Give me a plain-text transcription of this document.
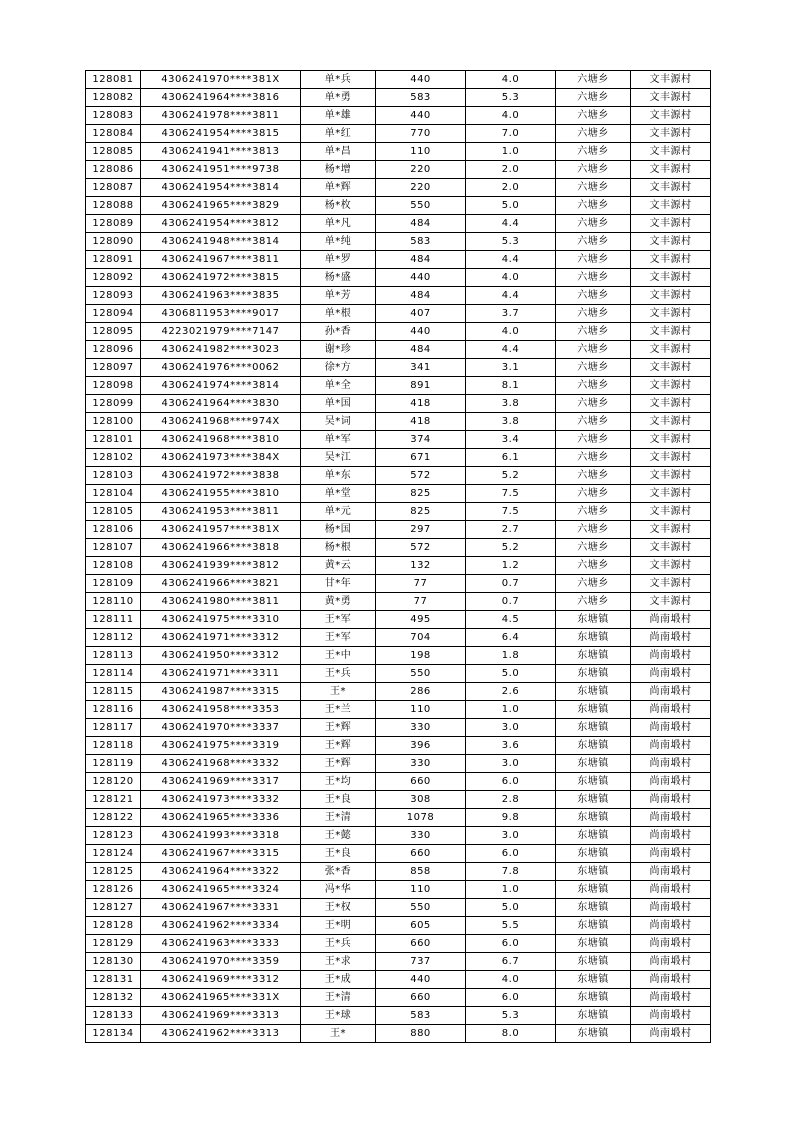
128081	4306241970****381X	单*兵	440	4.0	六塘乡	文丰源村
128082	4306241964****3816	单*勇	583	5.3	六塘乡	文丰源村
128083	4306241978****3811	单*雄	440	4.0	六塘乡	文丰源村
128084	4306241954****3815	单*红	770	7.0	六塘乡	文丰源村
128085	4306241941****3813	单*昌	110	1.0	六塘乡	文丰源村
128086	4306241951****9738	杨*增	220	2.0	六塘乡	文丰源村
128087	4306241954****3814	单*辉	220	2.0	六塘乡	文丰源村
128088	4306241965****3829	杨*枚	550	5.0	六塘乡	文丰源村
128089	4306241954****3812	单*凡	484	4.4	六塘乡	文丰源村
128090	4306241948****3814	单*纯	583	5.3	六塘乡	文丰源村
128091	4306241967****3811	单*罗	484	4.4	六塘乡	文丰源村
128092	4306241972****3815	杨*盛	440	4.0	六塘乡	文丰源村
128093	4306241963****3835	单*芳	484	4.4	六塘乡	文丰源村
128094	4306811953****9017	单*根	407	3.7	六塘乡	文丰源村
128095	4223021979****7147	孙*香	440	4.0	六塘乡	文丰源村
128096	4306241982****3023	谢*珍	484	4.4	六塘乡	文丰源村
128097	4306241976****0062	徐*方	341	3.1	六塘乡	文丰源村
128098	4306241974****3814	单*全	891	8.1	六塘乡	文丰源村
128099	4306241964****3830	单*国	418	3.8	六塘乡	文丰源村
128100	4306241968****974X	吴*词	418	3.8	六塘乡	文丰源村
128101	4306241968****3810	单*军	374	3.4	六塘乡	文丰源村
128102	4306241973****384X	吴*江	671	6.1	六塘乡	文丰源村
128103	4306241972****3838	单*东	572	5.2	六塘乡	文丰源村
128104	4306241955****3810	单*堂	825	7.5	六塘乡	文丰源村
128105	4306241953****3811	单*元	825	7.5	六塘乡	文丰源村
128106	4306241957****381X	杨*国	297	2.7	六塘乡	文丰源村
128107	4306241966****3818	杨*根	572	5.2	六塘乡	文丰源村
128108	4306241939****3812	黄*云	132	1.2	六塘乡	文丰源村
128109	4306241966****3821	甘*年	77	0.7	六塘乡	文丰源村
128110	4306241980****3811	黄*勇	77	0.7	六塘乡	文丰源村
128111	4306241975****3310	王*军	495	4.5	东塘镇	尚南塅村
128112	4306241971****3312	王*军	704	6.4	东塘镇	尚南塅村
128113	4306241950****3312	王*中	198	1.8	东塘镇	尚南塅村
128114	4306241971****3311	王*兵	550	5.0	东塘镇	尚南塅村
128115	4306241987****3315	王*	286	2.6	东塘镇	尚南塅村
128116	4306241958****3353	王*兰	110	1.0	东塘镇	尚南塅村
128117	4306241970****3337	王*辉	330	3.0	东塘镇	尚南塅村
128118	4306241975****3319	王*辉	396	3.6	东塘镇	尚南塅村
128119	4306241968****3332	王*辉	330	3.0	东塘镇	尚南塅村
128120	4306241969****3317	王*均	660	6.0	东塘镇	尚南塅村
128121	4306241973****3332	王*良	308	2.8	东塘镇	尚南塅村
128122	4306241965****3336	王*清	1078	9.8	东塘镇	尚南塅村
128123	4306241993****3318	王*懿	330	3.0	东塘镇	尚南塅村
128124	4306241967****3315	王*良	660	6.0	东塘镇	尚南塅村
128125	4306241964****3322	张*香	858	7.8	东塘镇	尚南塅村
128126	4306241965****3324	冯*华	110	1.0	东塘镇	尚南塅村
128127	4306241967****3331	王*权	550	5.0	东塘镇	尚南塅村
128128	4306241962****3334	王*明	605	5.5	东塘镇	尚南塅村
128129	4306241963****3333	王*兵	660	6.0	东塘镇	尚南塅村
128130	4306241970****3359	王*求	737	6.7	东塘镇	尚南塅村
128131	4306241969****3312	王*成	440	4.0	东塘镇	尚南塅村
128132	4306241965****331X	王*清	660	6.0	东塘镇	尚南塅村
128133	4306241969****3313	王*球	583	5.3	东塘镇	尚南塅村
128134	4306241962****3313	王*	880	8.0	东塘镇	尚南塅村
